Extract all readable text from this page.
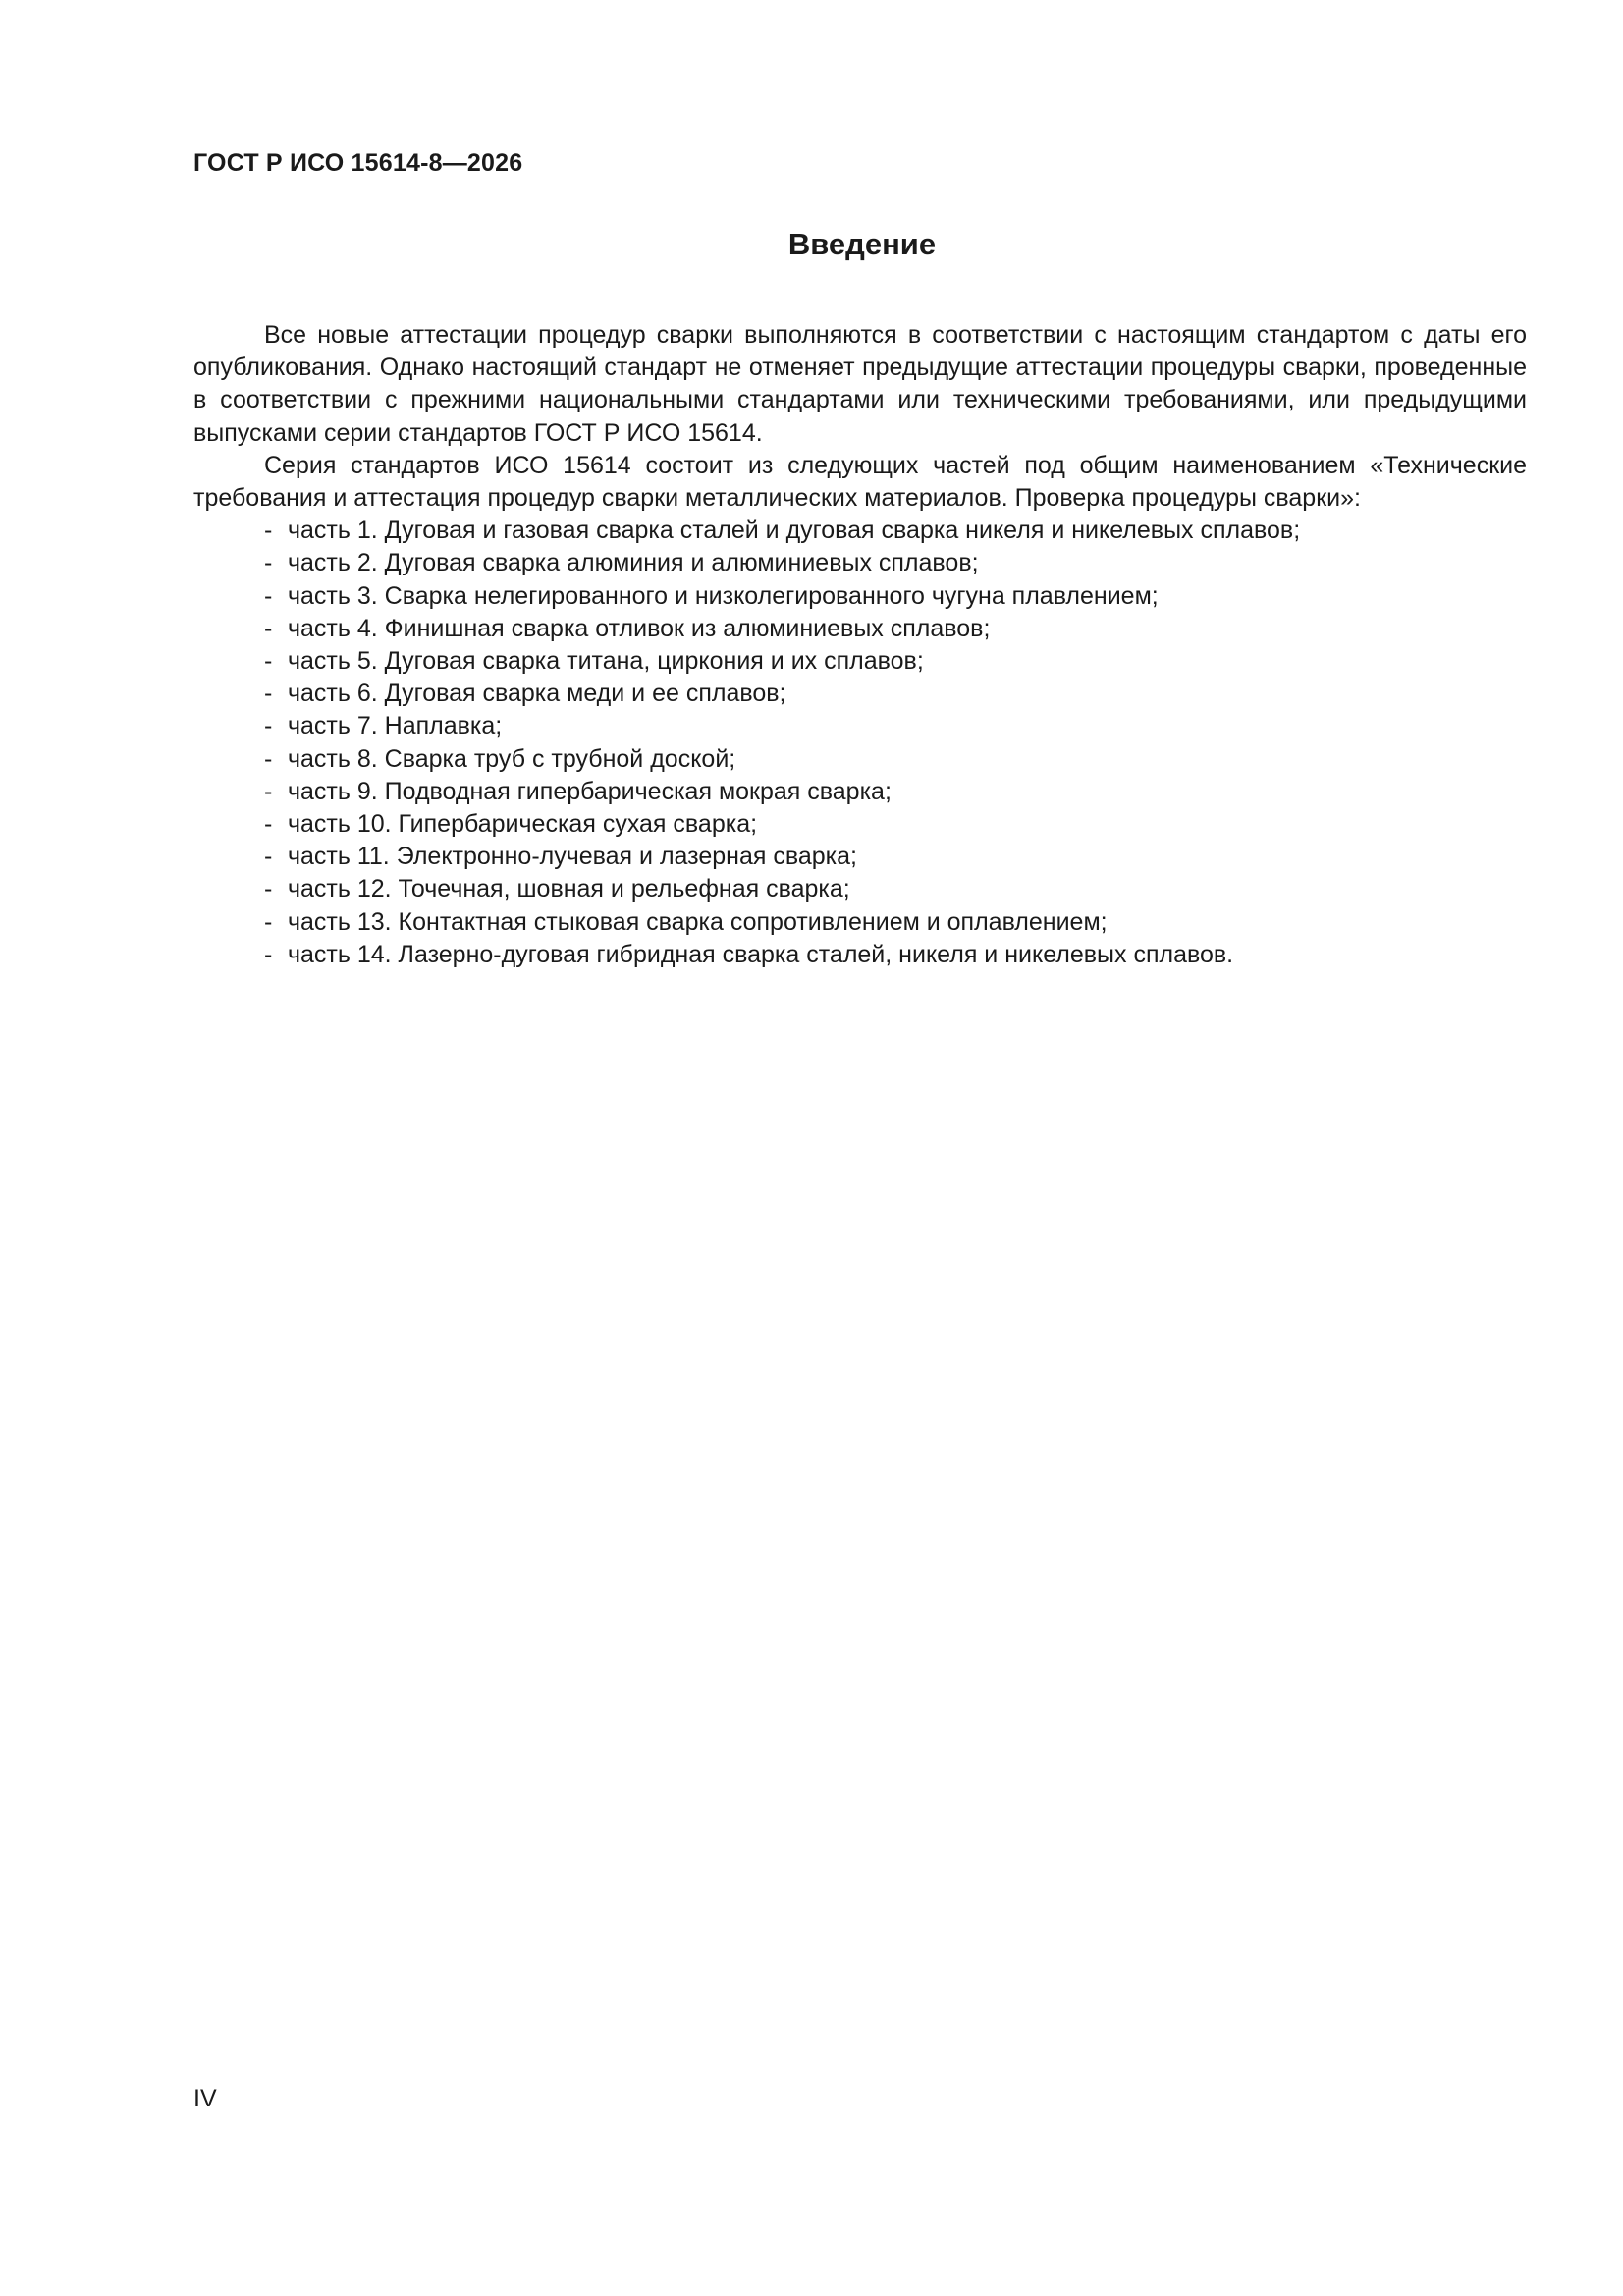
ГОСТ Р ИСО 15614-8—2026
Введение

Все новые аттестации процедур сварки выполняются в соответствии с настоящим стандартом с даты его опубликования. Однако настоящий стандарт не отменяет предыдущие аттестации процедуры сварки, проведенные в соответствии с прежними национальными стандартами или техническими требованиями, или предыдущими выпусками серии стандартов ГОСТ Р ИСО 15614.

Серия стандартов ИСО 15614 состоит из следующих частей под общим наименованием «Технические требования и аттестация процедур сварки металлических материалов. Проверка процедуры сварки»:

- часть 1. Дуговая и газовая сварка сталей и дуговая сварка никеля и никелевых сплавов;
- часть 2. Дуговая сварка алюминия и алюминиевых сплавов;
- часть 3. Сварка нелегированного и низколегированного чугуна плавлением;
- часть 4. Финишная сварка отливок из алюминиевых сплавов;
- часть 5. Дуговая сварка титана, циркония и их сплавов;
- часть 6. Дуговая сварка меди и ее сплавов;
- часть 7. Наплавка;
- часть 8. Сварка труб с трубной доской;
- часть 9. Подводная гипербарическая мокрая сварка;
- часть 10. Гипербарическая сухая сварка;
- часть 11. Электронно-лучевая и лазерная сварка;
- часть 12. Точечная, шовная и рельефная сварка;
- часть 13. Контактная стыковая сварка сопротивлением и оплавлением;
- часть 14. Лазерно-дуговая гибридная сварка сталей, никеля и никелевых сплавов.
IV
